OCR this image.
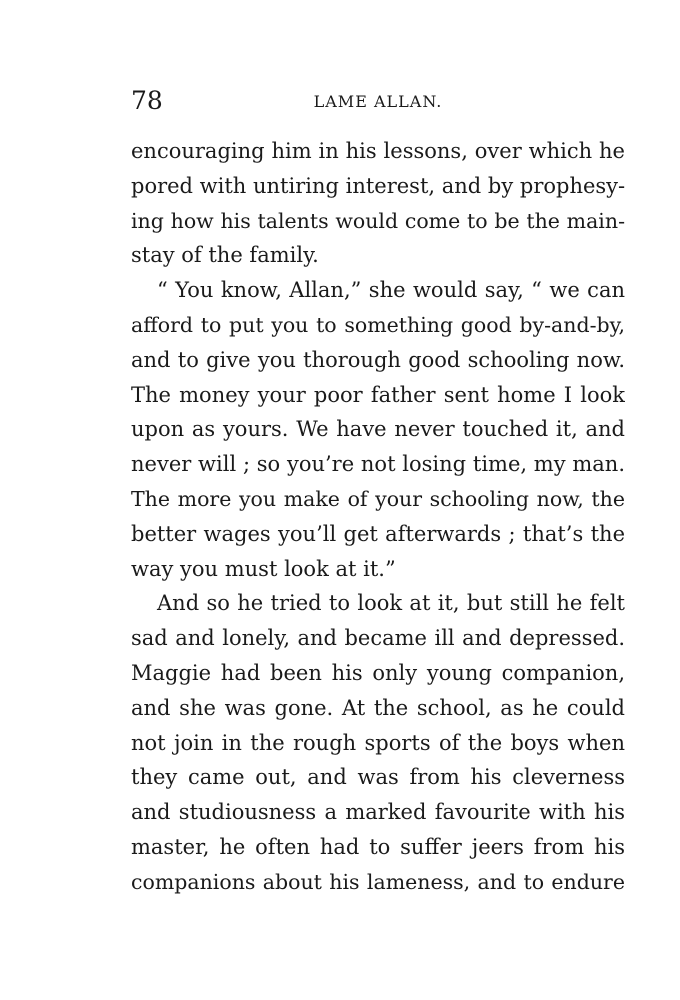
78	LAME ALLAN.
encouraging him in his lessons, over which he
pored with untiring interest, and by prophesy-
ing how his talents would come to be the main-
stay of the family.
“ You know, Allan,” she would say, “ we can
afford to put you to something good by-and-by,
and to give you thorough good schooling now.
The money your poor father sent home I look
upon as yours. We have never touched it, and
never will ; so you’re not losing time, my man.
The more you make of your schooling now, the
better wages you’ll get afterwards ; that’s the
way you must look at it.”
And so he tried to look at it, but still he felt
sad and lonely, and became ill and depressed.
Maggie had been his only young companion,
and she was gone. At the school, as he could
not join in the rough sports of the boys when
they came out, and was from his cleverness
and studiousness a marked favourite with his
master, he often had to suffer jeers from his
companions about his lameness, and to endure
